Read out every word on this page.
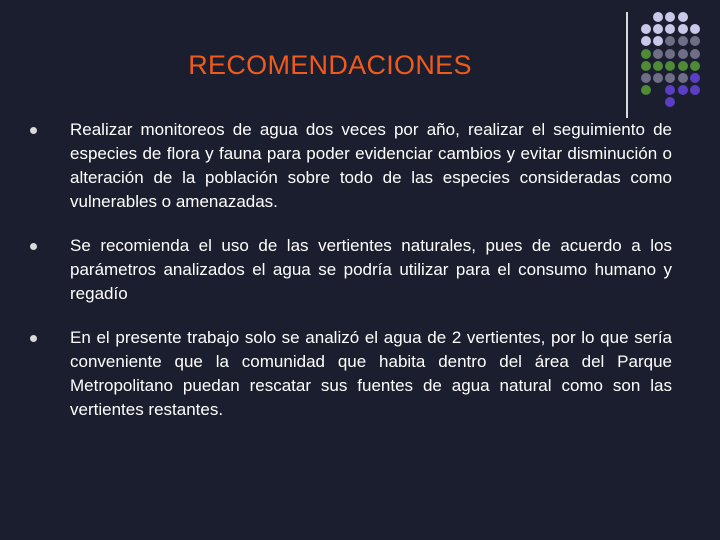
RECOMENDACIONES
Realizar monitoreos de agua dos veces por año, realizar el seguimiento de especies de flora y fauna para poder evidenciar cambios y evitar disminución o alteración de la población sobre todo de las especies consideradas como vulnerables o amenazadas.
Se recomienda el uso de las vertientes naturales, pues de acuerdo a los parámetros analizados el agua se podría utilizar para el consumo humano y regadío
En el presente trabajo solo se analizó el agua de 2 vertientes, por lo que sería conveniente que la comunidad que habita dentro del área del Parque Metropolitano puedan rescatar sus fuentes de agua natural como son las vertientes restantes.
